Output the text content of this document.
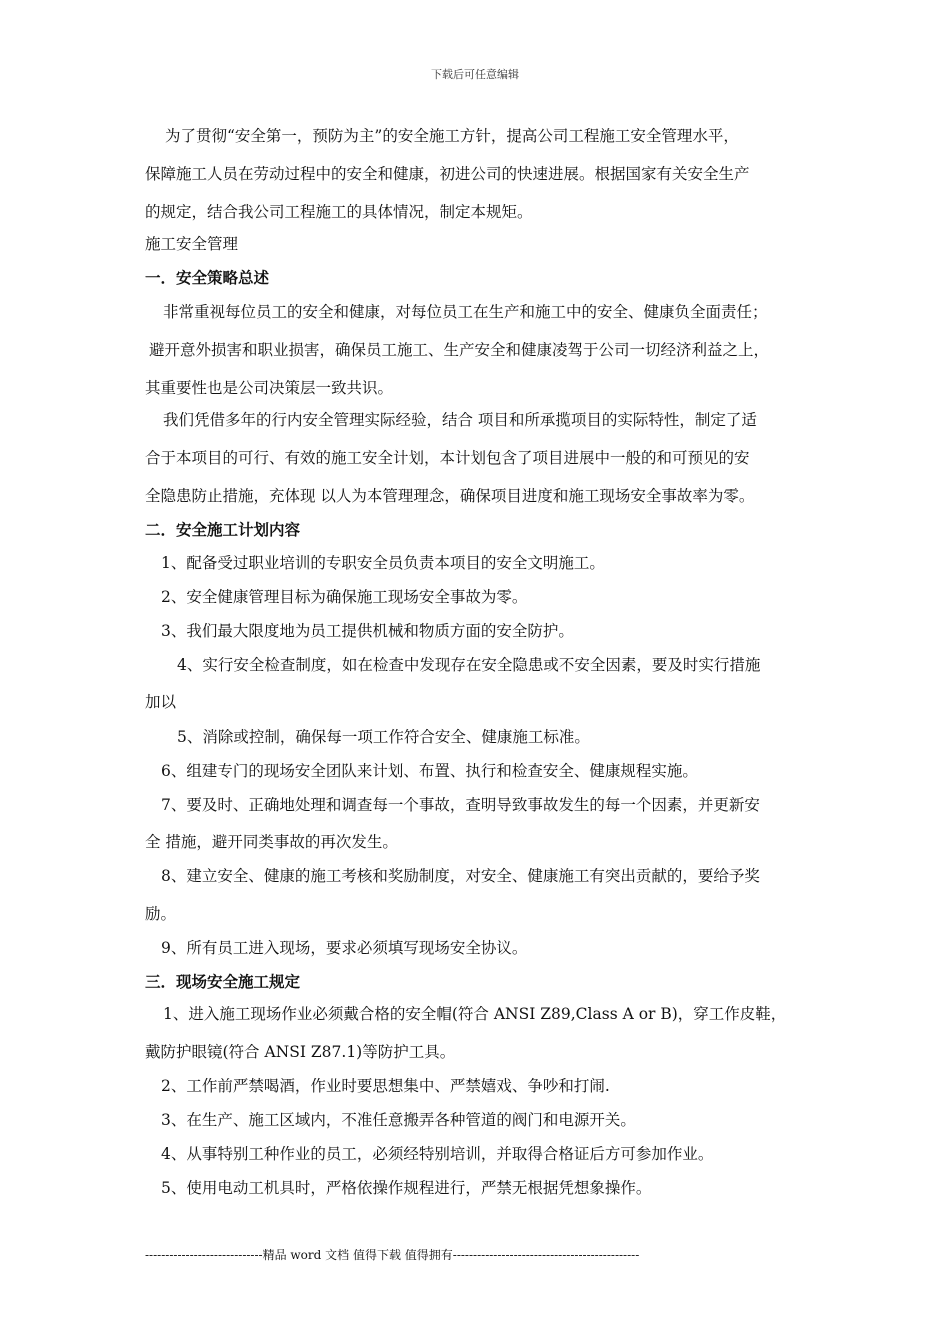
下载后可任意编辑
为了贯彻“安全第一，预防为主”的安全施工方针，提高公司工程施工安全管理水平，
保障施工人员在劳动过程中的安全和健康，初进公司的快速进展。根据国家有关安全生产
的规定，结合我公司工程施工的具体情况，制定本规矩。
施工安全管理
一．安全策略总述
非常重视每位员工的安全和健康，对每位员工在生产和施工中的安全、健康负全面责任；
避开意外损害和职业损害，确保员工施工、生产安全和健康凌驾于公司一切经济利益之上，
其重要性也是公司决策层一致共识。
我们凭借多年的行内安全管理实际经验，结合 项目和所承揽项目的实际特性，制定了适
合于本项目的可行、有效的施工安全计划，本计划包含了项目进展中一般的和可预见的安
全隐患防止措施，充体现 以人为本管理理念，确保项目进度和施工现场安全事故率为零。
二．安全施工计划内容
1、配备受过职业培训的专职安全员负责本项目的安全文明施工。
2、安全健康管理目标为确保施工现场安全事故为零。
3、我们最大限度地为员工提供机械和物质方面的安全防护。
4、实行安全检查制度，如在检查中发现存在安全隐患或不安全因素，要及时实行措施
加以
5、消除或控制，确保每一项工作符合安全、健康施工标准。
6、组建专门的现场安全团队来计划、布置、执行和检查安全、健康规程实施。
7、要及时、正确地处理和调查每一个事故，查明导致事故发生的每一个因素，并更新安
全 措施，避开同类事故的再次发生。
8、建立安全、健康的施工考核和奖励制度，对安全、健康施工有突出贡献的，要给予奖
励。
9、所有员工进入现场，要求必须填写现场安全协议。
三．现场安全施工规定
1、进入施工现场作业必须戴合格的安全帽(符合 ANSI Z89,Class A or B)，穿工作皮鞋，
戴防护眼镜(符合 ANSI Z87.1)等防护工具。
2、工作前严禁喝酒，作业时要思想集中、严禁嬉戏、争吵和打闹.
3、在生产、施工区域内，不准任意搬弄各种管道的阀门和电源开关。
4、从事特别工种作业的员工，必须经特别培训，并取得合格证后方可参加作业。
5、使用电动工机具时，严格依操作规程进行，严禁无根据凭想象操作。
-----------------------------精品 word 文档 值得下载 值得拥有----------------------------------------------
